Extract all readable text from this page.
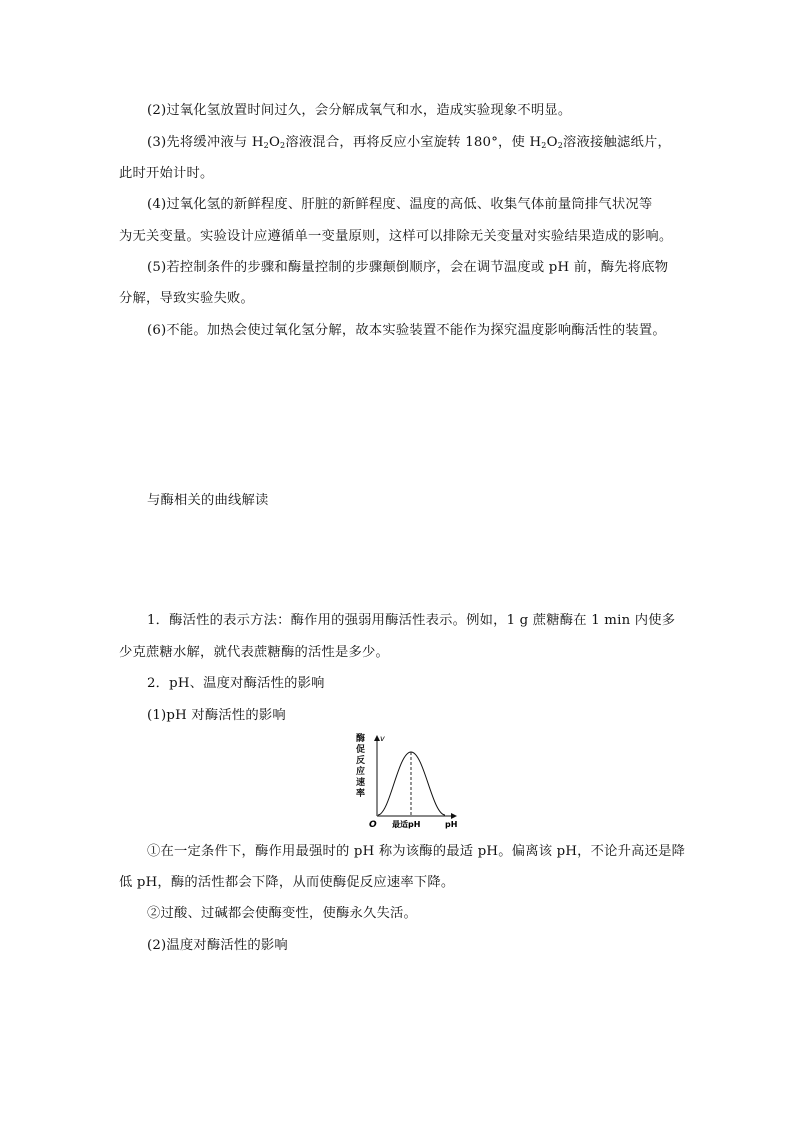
(2)过氧化氢放置时间过久，会分解成氧气和水，造成实验现象不明显。
(3)先将缓冲液与 $H_2O_2$溶液混合，再将反应小室旋转 180°，使 $H_2O_2$溶液接触滤纸片，
此时开始计时。
(4)过氧化氢的新鲜程度、肝脏的新鲜程度、温度的高低、收集气体前量筒排气状况等
为无关变量。实验设计应遵循单一变量原则，这样可以排除无关变量对实验结果造成的影响。
(5)若控制条件的步骤和酶量控制的步骤颠倒顺序，会在调节温度或 pH 前，酶先将底物
分解，导致实验失败。
(6)不能。加热会使过氧化氢分解，故本实验装置不能作为探究温度影响酶活性的装置。
与酶相关的曲线解读
1．酶活性的表示方法：酶作用的强弱用酶活性表示。例如，1 g 蔗糖酶在 1 min 内使多
少克蔗糖水解，就代表蔗糖酶的活性是多少。
2．pH、温度对酶活性的影响
(1)pH 对酶活性的影响
酶
促
反
应
速
率
v
O 最适pH	pH
①在一定条件下，酶作用最强时的 pH 称为该酶的最适 pH。偏离该 pH，不论升高还是降
低 pH，酶的活性都会下降，从而使酶促反应速率下降。
②过酸、过碱都会使酶变性，使酶永久失活。
(2)温度对酶活性的影响
